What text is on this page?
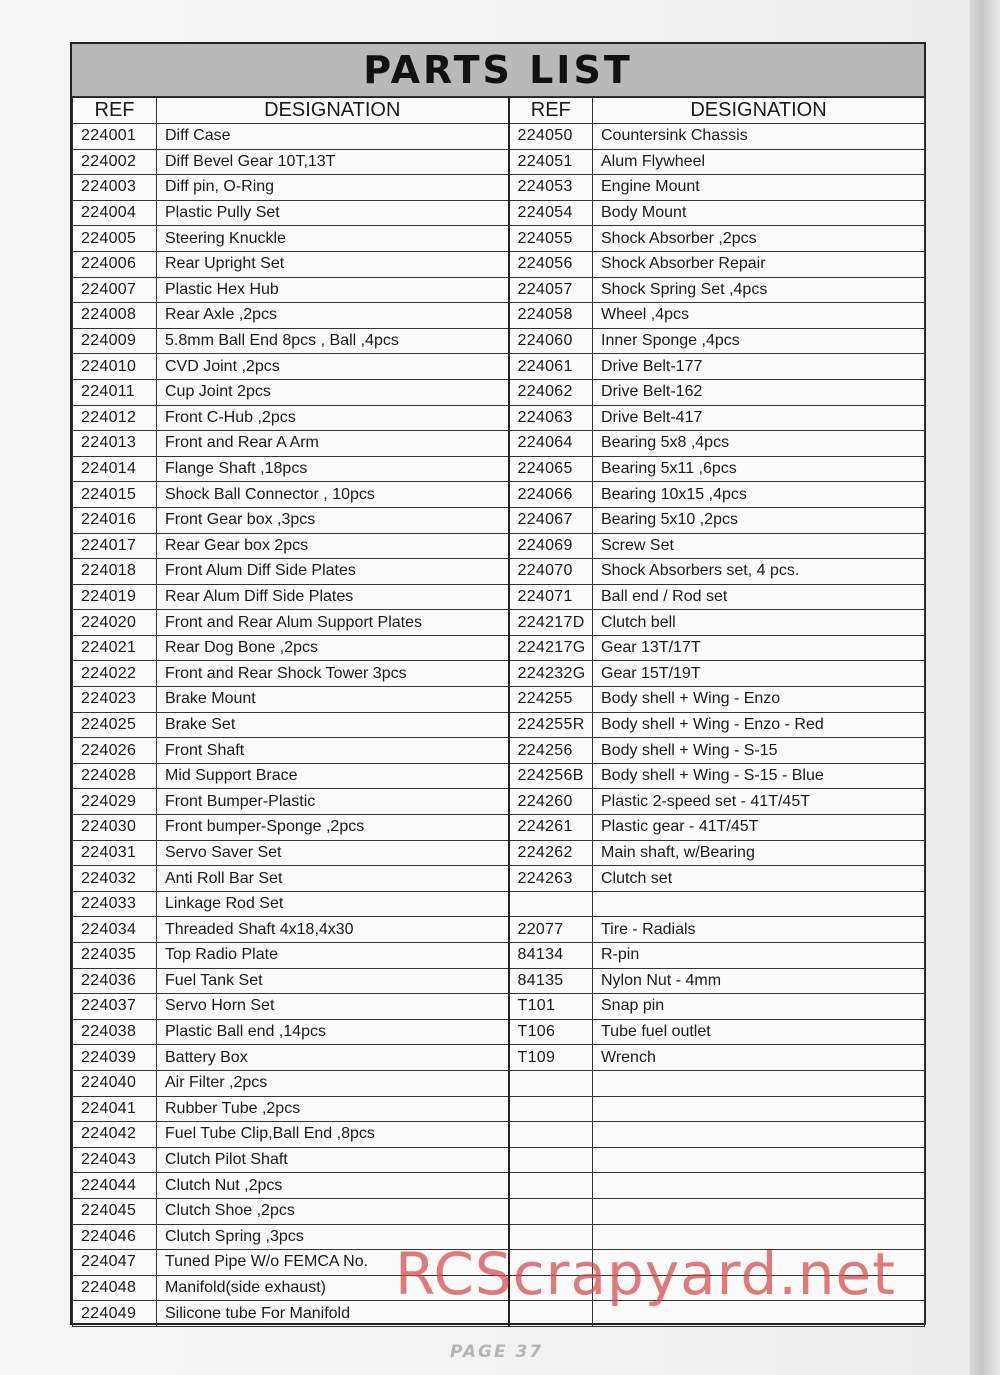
PARTS LIST
REF	DESIGNATION	REF	DESIGNATION
224001	Diff Case	224050	Countersink Chassis
224002	Diff Bevel Gear 10T,13T	224051	Alum Flywheel
224003	Diff pin, O-Ring	224053	Engine Mount
224004	Plastic Pully Set	224054	Body Mount
224005	Steering Knuckle	224055	Shock Absorber ,2pcs
224006	Rear Upright Set	224056	Shock Absorber Repair
224007	Plastic Hex Hub	224057	Shock Spring Set ,4pcs
224008	Rear Axle ,2pcs	224058	Wheel ,4pcs
224009	5.8mm Ball End 8pcs , Ball ,4pcs	224060	Inner Sponge ,4pcs
224010	CVD Joint ,2pcs	224061	Drive Belt-177
224011	Cup Joint 2pcs	224062	Drive Belt-162
224012	Front C-Hub ,2pcs	224063	Drive Belt-417
224013	Front and Rear A Arm	224064	Bearing 5x8 ,4pcs
224014	Flange Shaft ,18pcs	224065	Bearing 5x11 ,6pcs
224015	Shock Ball Connector , 10pcs	224066	Bearing 10x15 ,4pcs
224016	Front Gear box ,3pcs	224067	Bearing 5x10 ,2pcs
224017	Rear Gear box 2pcs	224069	Screw Set
224018	Front Alum Diff Side Plates	224070	Shock Absorbers set, 4 pcs.
224019	Rear Alum Diff Side Plates	224071	Ball end / Rod set
224020	Front and Rear Alum Support Plates	224217D	Clutch bell
224021	Rear Dog Bone ,2pcs	224217G	Gear 13T/17T
224022	Front and Rear Shock Tower 3pcs	224232G	Gear 15T/19T
224023	Brake Mount	224255	Body shell + Wing - Enzo
224025	Brake Set	224255R	Body shell + Wing - Enzo - Red
224026	Front Shaft	224256	Body shell + Wing - S-15
224028	Mid Support Brace	224256B	Body shell + Wing - S-15 - Blue
224029	Front Bumper-Plastic	224260	Plastic 2-speed set - 41T/45T
224030	Front bumper-Sponge ,2pcs	224261	Plastic gear - 41T/45T
224031	Servo Saver Set	224262	Main shaft, w/Bearing
224032	Anti Roll Bar Set	224263	Clutch set
224033	Linkage Rod Set		
224034	Threaded Shaft 4x18,4x30	22077	Tire - Radials
224035	Top Radio Plate	84134	R-pin
224036	Fuel Tank Set	84135	Nylon Nut - 4mm
224037	Servo Horn Set	T101	Snap pin
224038	Plastic Ball end ,14pcs	T106	Tube fuel outlet
224039	Battery Box	T109	Wrench
224040	Air Filter ,2pcs		
224041	Rubber Tube ,2pcs		
224042	Fuel Tube Clip,Ball End ,8pcs		
224043	Clutch Pilot Shaft		
224044	Clutch Nut ,2pcs		
224045	Clutch Shoe ,2pcs		
224046	Clutch Spring ,3pcs		
224047	Tuned Pipe W/o FEMCA No.		
224048	Manifold(side exhaust)		
224049	Silicone tube For Manifold		
RCScrapyard.net
PAGE 37
